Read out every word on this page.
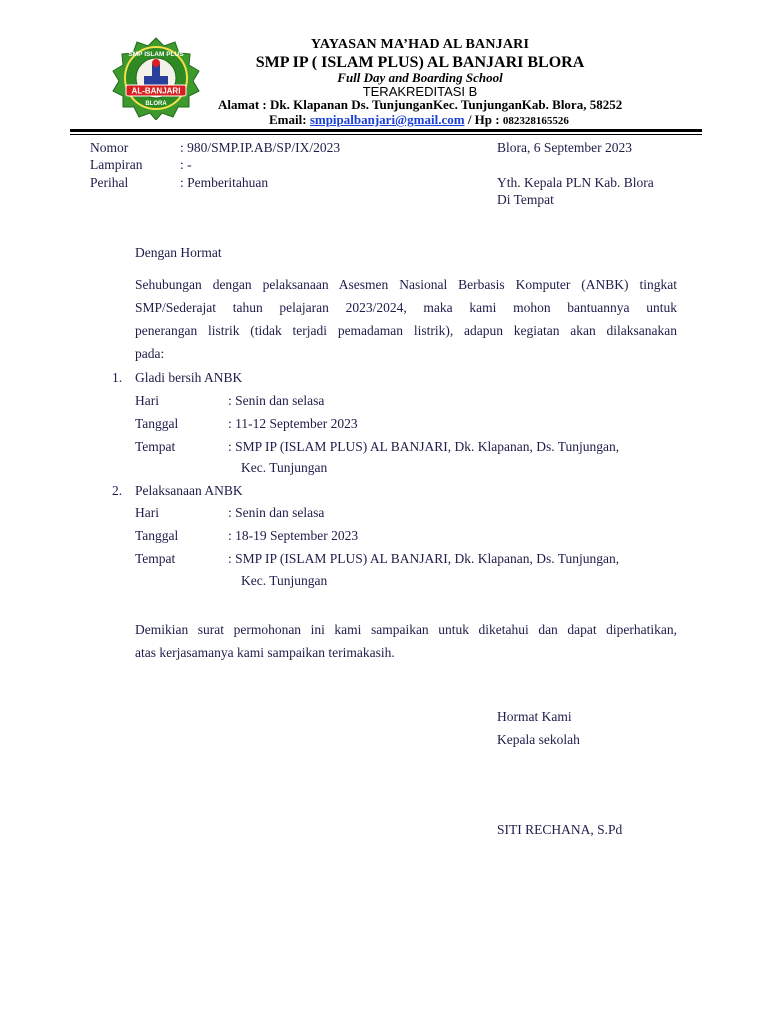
AL-BANJARI
SMP ISLAM PLUS
BLORA
YAYASAN MA’HAD AL BANJARI
SMP IP ( ISLAM PLUS) AL BANJARI BLORA
Full Day and Boarding School
TERAKREDITASI B
Alamat : Dk. Klapanan Ds. TunjunganKec. TunjunganKab. Blora, 58252
Email: smpipalbanjari@gmail.com / Hp : 082328165526
Nomor	: 980/SMP.IP.AB/SP/IX/2023
Lampiran	: -
Perihal	: Pemberitahuan
Blora, 6 September 2023
Yth. Kepala PLN Kab. Blora
Di Tempat
Dengan Hormat
Sehubungan dengan pelaksanaan Asesmen Nasional Berbasis Komputer (ANBK) tingkat
SMP/Sederajat tahun pelajaran 2023/2024, maka kami mohon bantuannya untuk
penerangan listrik (tidak terjadi pemadaman listrik), adapun kegiatan akan dilaksanakan
pada:
1. Gladi bersih ANBK
Hari	: Senin dan selasa
Tanggal	: 11-12 September 2023
Tempat	: SMP IP (ISLAM PLUS) AL BANJARI, Dk. Klapanan, Ds. Tunjungan,
Kec. Tunjungan
2. Pelaksanaan ANBK
Hari	: Senin dan selasa
Tanggal	: 18-19 September 2023
Tempat	: SMP IP (ISLAM PLUS) AL BANJARI, Dk. Klapanan, Ds. Tunjungan,
Kec. Tunjungan
Demikian surat permohonan ini kami sampaikan untuk diketahui dan dapat diperhatikan,
atas kerjasamanya kami sampaikan terimakasih.
Hormat Kami
Kepala sekolah
SITI RECHANA, S.Pd
